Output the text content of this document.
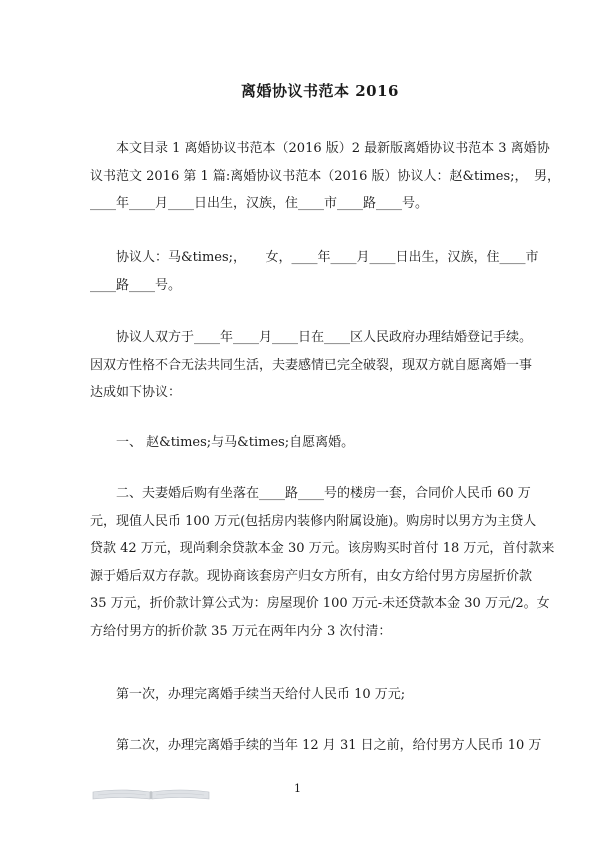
离婚协议书范本 2016
本文目录 1 离婚协议书范本（2016 版）2 最新版离婚协议书范本 3 离婚协
议书范文 2016 第 1 篇:离婚协议书范本（2016 版）协议人：赵&times;，　男，
____年____月____日出生，汉族，住____市____路____号。
协议人：马&times;，　　女，____年____月____日出生，汉族，住____市
____路____号。
协议人双方于____年____月____日在____区人民政府办理结婚登记手续。
因双方性格不合无法共同生活，夫妻感情已完全破裂，现双方就自愿离婚一事
达成如下协议：
一、 赵&times;与马&times;自愿离婚。
二、夫妻婚后购有坐落在____路____号的楼房一套，合同价人民币 60 万
元，现值人民币 100 万元(包括房内装修内附属设施)。购房时以男方为主贷人
贷款 42 万元，现尚剩余贷款本金 30 万元。该房购买时首付 18 万元，首付款来
源于婚后双方存款。现协商该套房产归女方所有，由女方给付男方房屋折价款
35 万元，折价款计算公式为：房屋现价 100 万元-未还贷款本金 30 万元/2。女
方给付男方的折价款 35 万元在两年内分 3 次付清：
第一次，办理完离婚手续当天给付人民币 10 万元;
第二次，办理完离婚手续的当年 12 月 31 日之前，给付男方人民币 10 万
1
